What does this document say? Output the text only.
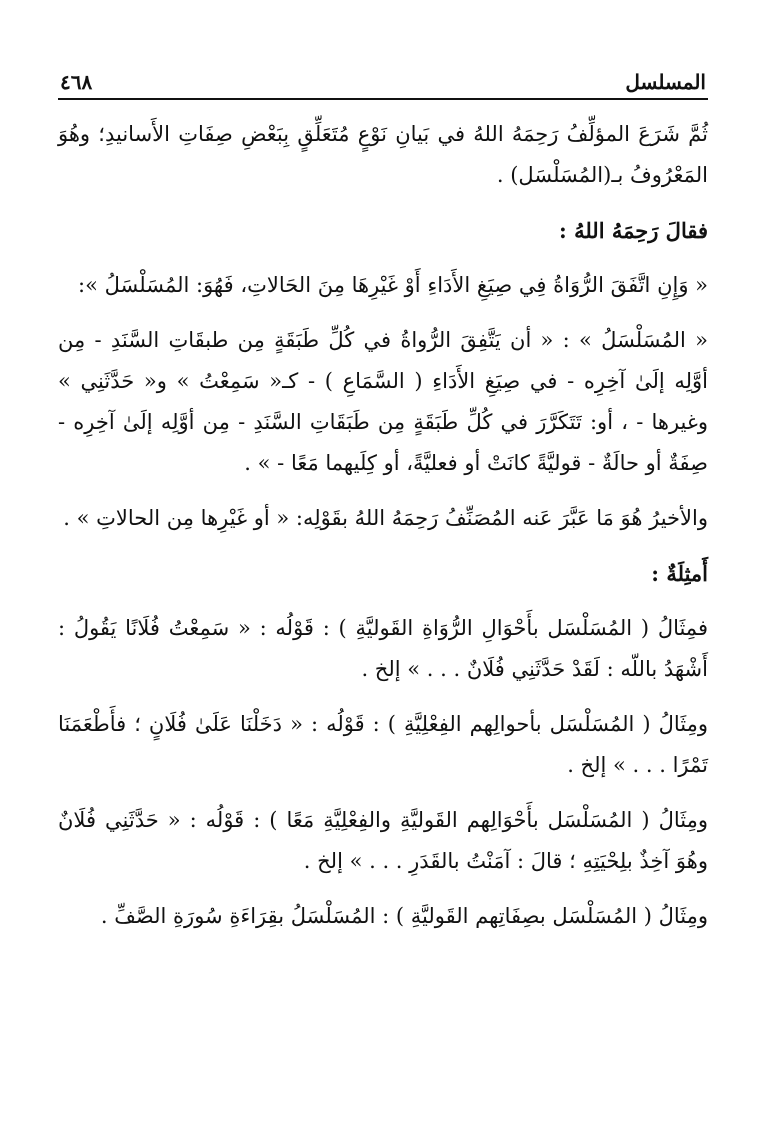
المسلسل
٤٦٨

ثُمَّ شَرَعَ المؤلِّفُ رَحِمَهُ اللهُ في بَيانِ نَوْعٍ مُتَعَلِّقٍ بِبَعْضِ صِفَاتِ الأَسانيدِ؛ وهُوَ المَعْرُوفُ بـ(المُسَلْسَل) .

فقالَ رَحِمَهُ اللهُ :

« وَإِنِ اتَّفَقَ الرُّوَاةُ فِي صِيَغِ الأَدَاءِ أَوْ غَيْرِهَا مِنَ الحَالاتِ، فَهُوَ: المُسَلْسَلُ »:

« المُسَلْسَلُ » : « أن يَتَّفِقَ الرُّواةُ في كُلِّ طَبَقَةٍ مِن طبقَاتِ السَّنَدِ - مِن أوَّلِه إلَىٰ آخِرِه - في صِيَغِ الأَدَاءِ ( السَّمَاعِ ) - كـ« سَمِعْتُ » و« حَدَّثَنِي » وغيرها - ، أو: تَتَكَرَّرَ في كُلِّ طَبَقَةٍ مِن طَبَقَاتِ السَّنَدِ - مِن أوَّلِه إلَىٰ آخِرِه - صِفَةٌ أو حالَةٌ - قوليَّةً كانَتْ أو فعليَّةً، أو كِلَيهما مَعًا - » .

والأخيرُ هُوَ مَا عَبَّرَ عَنه المُصَنِّفُ رَحِمَهُ اللهُ بقَوْلِه: « أو غَيْرِها مِن الحالاتِ » .

أَمثِلَةٌ :

فمِثَالُ ( المُسَلْسَل بأَحْوَالِ الرُّوَاةِ القَوليَّةِ ) : قَوْلُه : « سَمِعْتُ فُلَانًا يَقُولُ : أَشْهَدُ باللّه : لَقَدْ حَدَّثَنِي فُلَانٌ . . . » إلخ .

ومِثَالُ ( المُسَلْسَل بأحوالِهم الفِعْلِيَّةِ ) : قَوْلُه : « دَخَلْنَا عَلَىٰ فُلَانٍ ؛ فأَطْعَمَنَا تَمْرًا . . . » إلخ .

ومِثَالُ ( المُسَلْسَل بأَحْوَالِهم القَوليَّةِ والفِعْلِيَّةِ مَعًا ) : قَوْلُه : « حَدَّثَنِي فُلَانٌ وهُوَ آخِذٌ بلِحْيَتِهِ ؛ قالَ : آمَنْتُ بالقَدَرِ . . . » إلخ .

ومِثَالُ ( المُسَلْسَل بصِفَاتِهم القَوليَّةِ ) : المُسَلْسَلُ بقِرَاءَةِ سُورَةِ الصَّفِّ .
